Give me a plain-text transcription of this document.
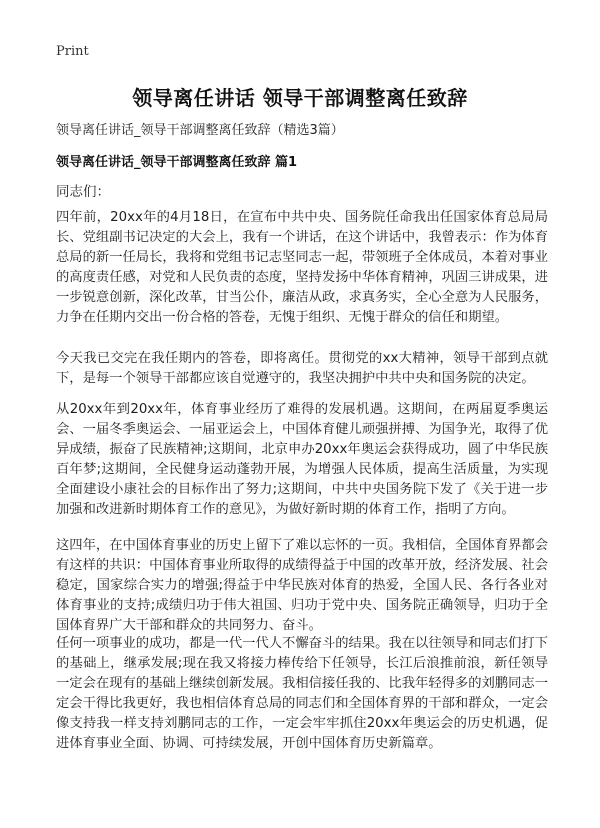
Print
领导离任讲话 领导干部调整离任致辞
领导离任讲话_领导干部调整离任致辞（精选3篇）
领导离任讲话_领导干部调整离任致辞 篇1
同志们：

四年前，20xx年的4月18日，在宣布中共中央、国务院任命我出任国家体育总局局长、党组副书记决定的大会上，我有一个讲话，在这个讲话中，我曾表示：作为体育总局的新一任局长，我将和党组书记志坚同志一起，带领班子全体成员，本着对事业的高度责任感，对党和人民负责的态度，坚持发扬中华体育精神，巩固三讲成果，进一步锐意创新，深化改革，甘当公仆，廉洁从政，求真务实，全心全意为人民服务，力争在任期内交出一份合格的答卷，无愧于组织、无愧于群众的信任和期望。

今天我已交完在我任期内的答卷，即将离任。贯彻党的xx大精神，领导干部到点就下，是每一个领导干部都应该自觉遵守的，我坚决拥护中共中央和国务院的决定。

从20xx年到20xx年，体育事业经历了难得的发展机遇。这期间，在两届夏季奥运会、一届冬季奥运会、一届亚运会上，中国体育健儿顽强拼搏、为国争光，取得了优异成绩，振奋了民族精神;这期间，北京申办20xx年奥运会获得成功，圆了中华民族百年梦;这期间，全民健身运动蓬勃开展，为增强人民体质，提高生活质量，为实现全面建设小康社会的目标作出了努力;这期间，中共中央国务院下发了《关于进一步加强和改进新时期体育工作的意见》，为做好新时期的体育工作，指明了方向。

这四年，在中国体育事业的历史上留下了难以忘怀的一页。我相信，全国体育界都会有这样的共识：中国体育事业所取得的成绩得益于中国的改革开放，经济发展、社会稳定，国家综合实力的增强;得益于中华民族对体育的热爱，全国人民、各行各业对体育事业的支持;成绩归功于伟大祖国、归功于党中央、国务院正确领导，归功于全国体育界广大干部和群众的共同努力、奋斗。

任何一项事业的成功，都是一代一代人不懈奋斗的结果。我在以往领导和同志们打下的基础上，继承发展;现在我又将接力棒传给下任领导，长江后浪推前浪，新任领导一定会在现有的基础上继续创新发展。我相信接任我的、比我年轻得多的刘鹏同志一定会干得比我更好，我也相信体育总局的同志们和全国体育界的干部和群众，一定会像支持我一样支持刘鹏同志的工作，一定会牢牢抓住20xx年奥运会的历史机遇，促进体育事业全面、协调、可持续发展，开创中国体育历史新篇章。
